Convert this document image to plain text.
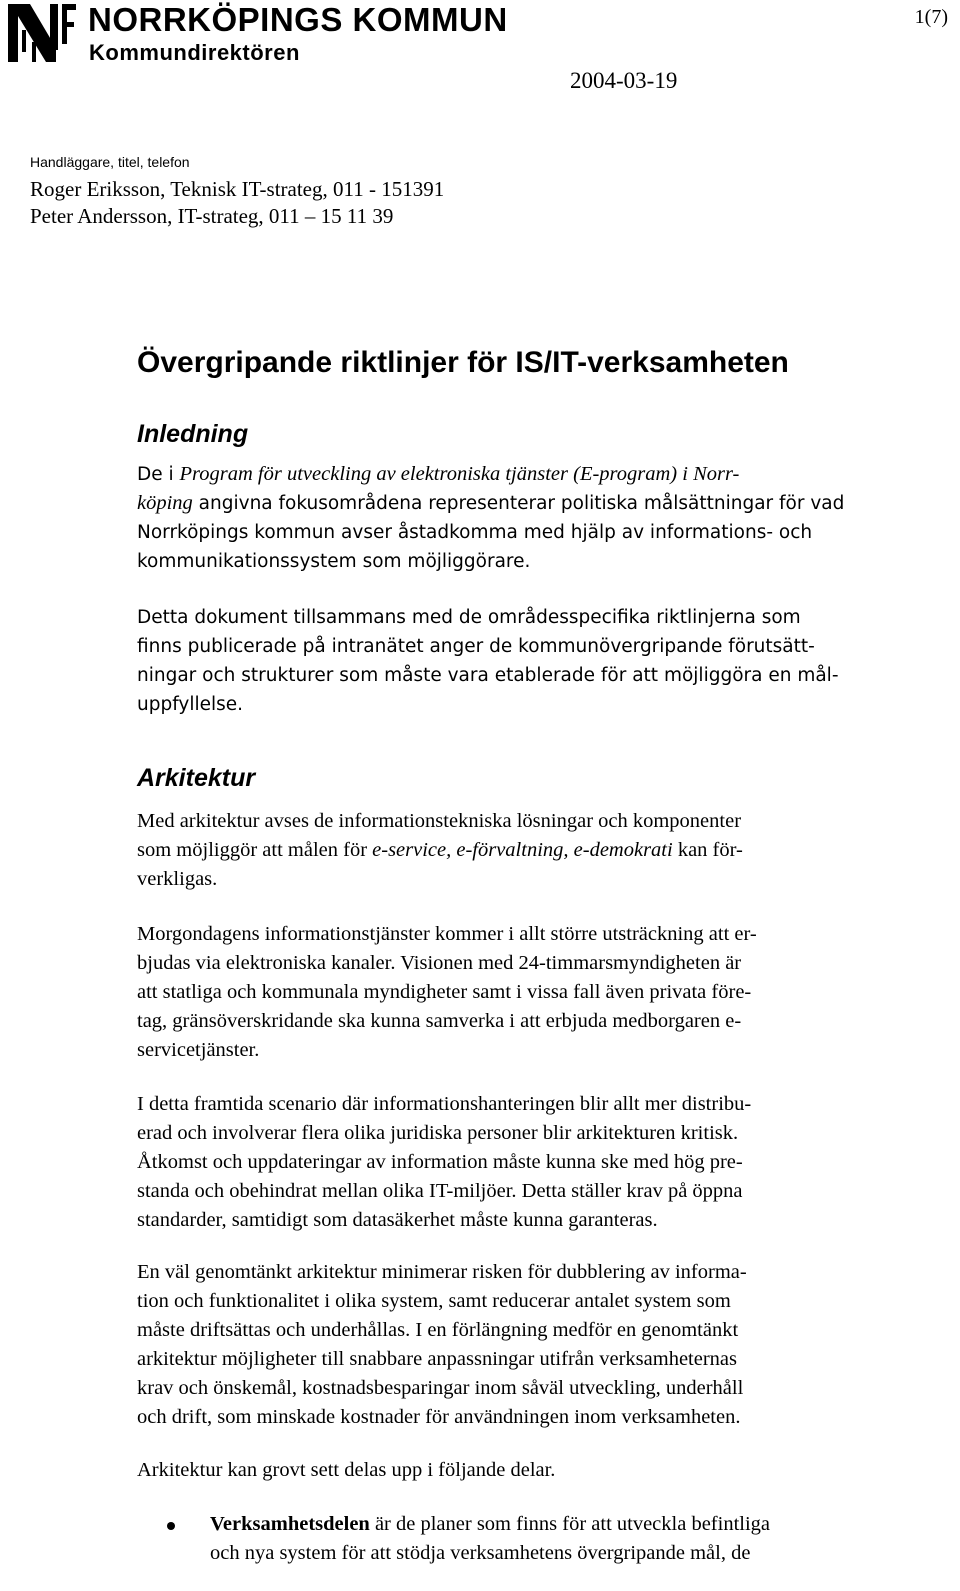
NORRKÖPINGS KOMMUN
Kommundirektören
1(7)
2004-03-19
Handläggare, titel, telefon
Roger Eriksson, Teknisk IT-strateg, 011 - 151391
Peter Andersson, IT-strateg, 011 – 15 11 39
Övergripande riktlinjer för IS/IT-verksamheten
Inledning

De i Program för utveckling av elektroniska tjänster (E-program) i Norr-
köping angivna fokusområdena representerar politiska målsättningar för vad
Norrköpings kommun avser åstadkomma med hjälp av informations- och
kommunikationssystem som möjliggörare.

Detta dokument tillsammans med de områdesspecifika riktlinjerna som
finns publicerade på intranätet anger de kommunövergripande förutsätt-
ningar och strukturer som måste vara etablerade för att möjliggöra en mål-
uppfyllelse.

Arkitektur

Med arkitektur avses de informationstekniska lösningar och komponenter
som möjliggör att målen för e-service, e-förvaltning, e-demokrati kan för-
verkligas.

Morgondagens informationstjänster kommer i allt större utsträckning att er-
bjudas via elektroniska kanaler. Visionen med 24-timmarsmyndigheten är
att statliga och kommunala myndigheter samt i vissa fall även privata före-
tag, gränsöverskridande ska kunna samverka i att erbjuda medborgaren e-
servicetjänster.

I detta framtida scenario där informationshanteringen blir allt mer distribu-
erad och involverar flera olika juridiska personer blir arkitekturen kritisk.
Åtkomst och uppdateringar av information måste kunna ske med hög pre-
standa och obehindrat mellan olika IT-miljöer. Detta ställer krav på öppna
standarder, samtidigt som datasäkerhet måste kunna garanteras.

En väl genomtänkt arkitektur minimerar risken för dubblering av informa-
tion och funktionalitet i olika system, samt reducerar antalet system som
måste driftsättas och underhållas. I en förlängning medför en genomtänkt
arkitektur möjligheter till snabbare anpassningar utifrån verksamheternas
krav och önskemål, kostnadsbesparingar inom såväl utveckling, underhåll
och drift, som minskade kostnader för användningen inom verksamheten.

Arkitektur kan grovt sett delas upp i följande delar.

Verksamhetsdelen är de planer som finns för att utveckla befintliga
och nya system för att stödja verksamhetens övergripande mål, de
